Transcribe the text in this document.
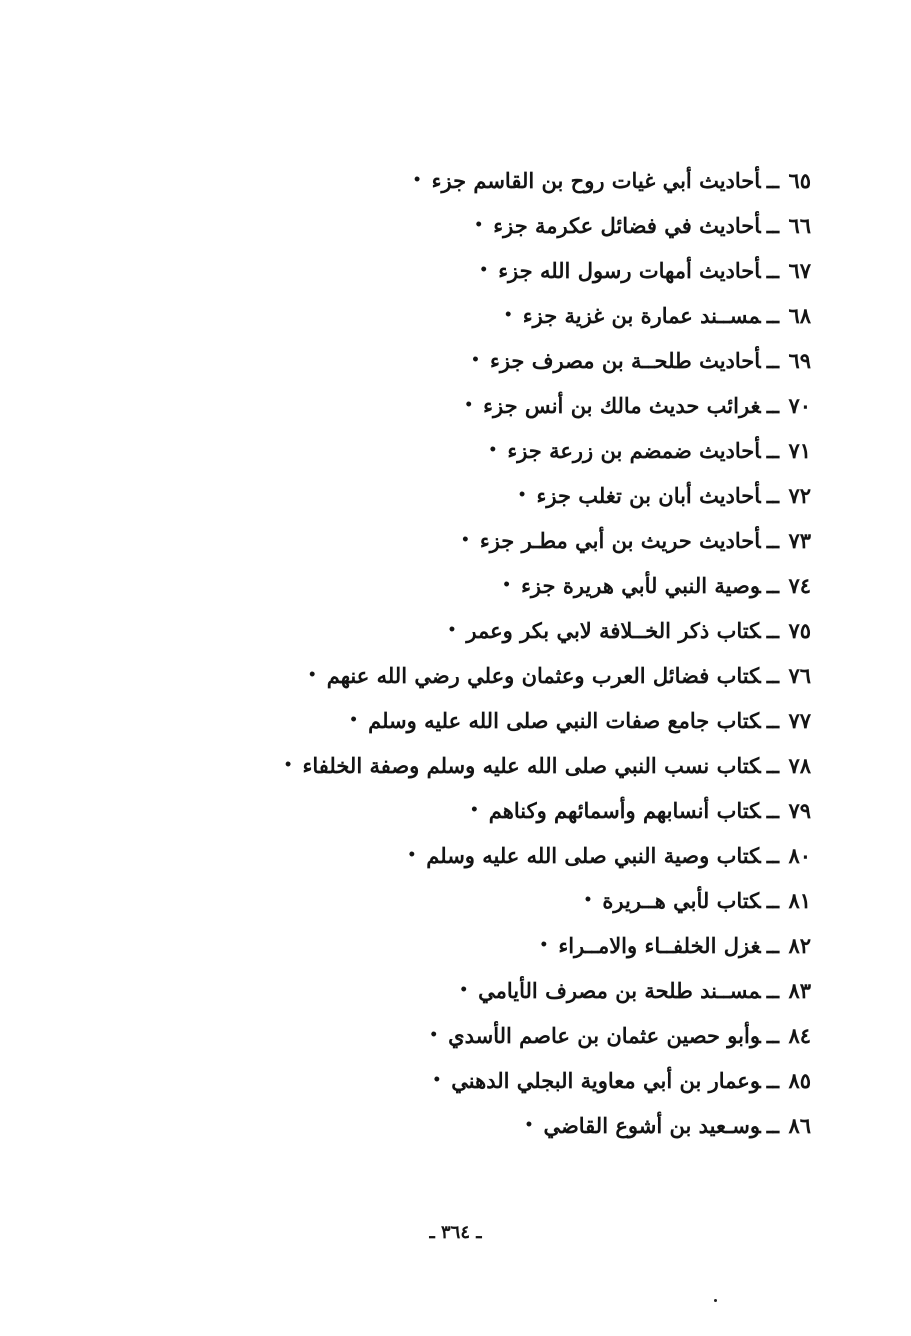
٦٥ــأحاديث أبي غيات روح بن القاسم جزء•
٦٦ــأحاديث في فضائل عكرمة جزء•
٦٧ــأحاديث أمهات رسول الله جزء•
٦٨ــمســند عمارة بن غزية جزء•
٦٩ــأحاديث طلحــة بن مصرف جزء•
٧٠ــغرائب حديث مالك بن أنس جزء•
٧١ــأحاديث ضمضم بن زرعة جزء•
٧٢ــأحاديث أبان بن تغلب جزء•
٧٣ــأحاديث حريث بن أبي مطـر جزء•
٧٤ــوصية النبي لأبي هريرة جزء•
٧٥ــكتاب ذكر الخــلافة لابي بكر وعمر•
٧٦ــكتاب فضائل العرب وعثمان وعلي رضي الله عنهم•
٧٧ــكتاب جامع صفات النبي صلى الله عليه وسلم•
٧٨ــكتاب نسب النبي صلى الله عليه وسلم وصفة الخلفاء•
٧٩ــكتاب أنسابهم وأسمائهم وكناهم•
٨٠ــكتاب وصية النبي صلى الله عليه وسلم•
٨١ــكتاب لأبي هــريرة•
٨٢ــغزل الخلفــاء والامــراء•
٨٣ــمســند طلحة بن مصرف الأيامي•
٨٤ــوأبو حصين عثمان بن عاصم الأسدي•
٨٥ــوعمار بن أبي معاوية البجلي الدهني•
٨٦ــوسـعيد بن أشوع القاضي•
ـ ٣٦٤ ـ
